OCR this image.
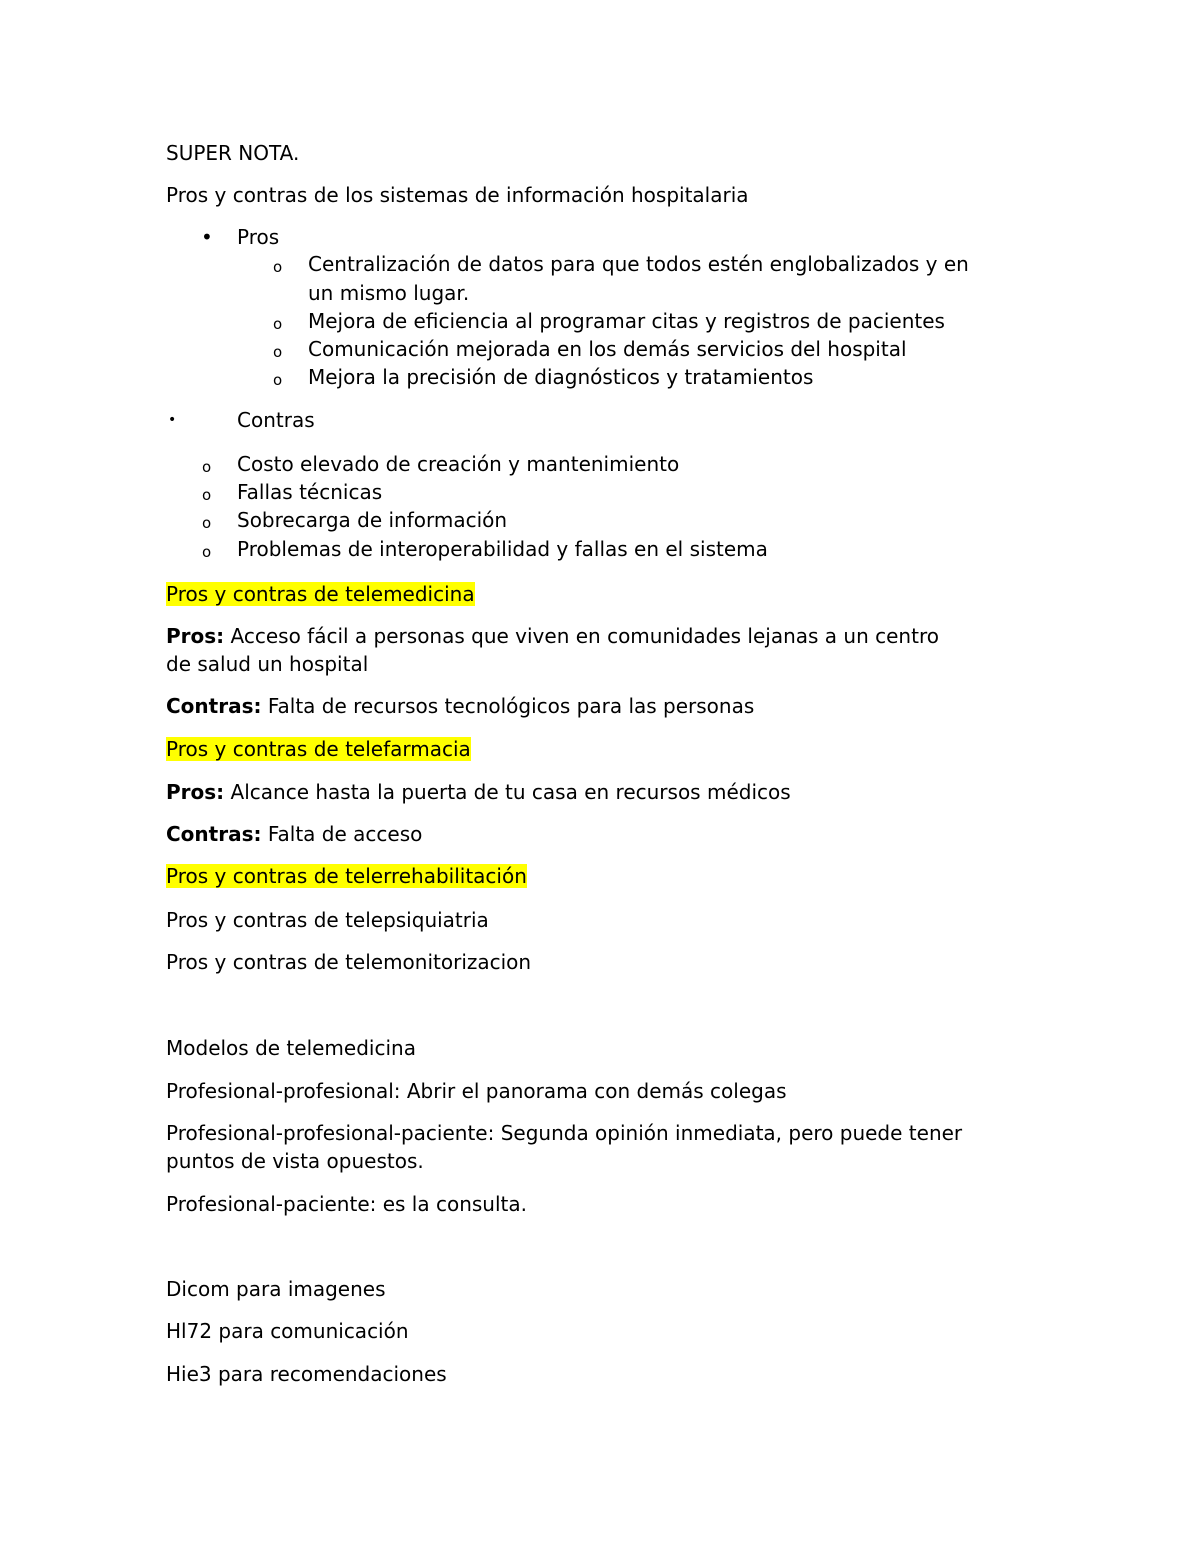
SUPER NOTA.
Pros y contras de los sistemas de información hospitalaria
• Pros
o Centralización de datos para que todos estén englobalizados y en
un mismo lugar.
o Mejora de eficiencia al programar citas y registros de pacientes
o Comunicación mejorada en los demás servicios del hospital
o Mejora la precisión de diagnósticos y tratamientos
•	Contras
o Costo elevado de creación y mantenimiento
o Fallas técnicas
o Sobrecarga de información
o Problemas de interoperabilidad y fallas en el sistema
Pros y contras de telemedicina
Pros: Acceso fácil a personas que viven en comunidades lejanas a un centro
de salud un hospital
Contras: Falta de recursos tecnológicos para las personas
Pros y contras de telefarmacia
Pros: Alcance hasta la puerta de tu casa en recursos médicos
Contras: Falta de acceso
Pros y contras de telerrehabilitación
Pros y contras de telepsiquiatria
Pros y contras de telemonitorizacion
Modelos de telemedicina
Profesional-profesional: Abrir el panorama con demás colegas
Profesional-profesional-paciente: Segunda opinión inmediata, pero puede tener
puntos de vista opuestos.
Profesional-paciente: es la consulta.
Dicom para imagenes
Hl72 para comunicación
Hie3 para recomendaciones
